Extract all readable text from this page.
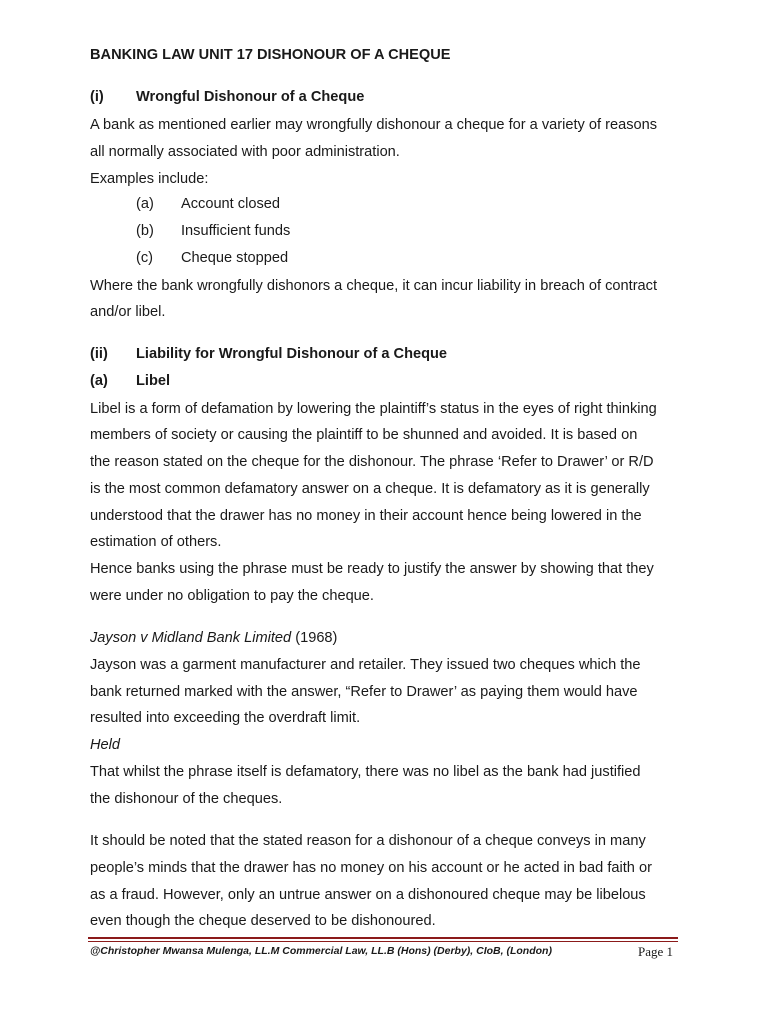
BANKING LAW UNIT 17 DISHONOUR OF A CHEQUE
(i) Wrongful Dishonour of a Cheque
A bank as mentioned earlier may wrongfully dishonour a cheque for a variety of reasons
all normally associated with poor administration.
Examples include:
(a) Account closed
(b) Insufficient funds
(c) Cheque stopped
Where the bank wrongfully dishonors a cheque, it can incur liability in breach of contract
and/or libel.
(ii) Liability for Wrongful Dishonour of a Cheque
(a) Libel
Libel is a form of defamation by lowering the plaintiff’s status in the eyes of right thinking
members of society or causing the plaintiff to be shunned and avoided. It is based on
the reason stated on the cheque for the dishonour. The phrase ‘Refer to Drawer’ or R/D
is the most common defamatory answer on a cheque. It is defamatory as it is generally
understood that the drawer has no money in their account hence being lowered in the
estimation of others.
Hence banks using the phrase must be ready to justify the answer by showing that they
were under no obligation to pay the cheque.
Jayson v Midland Bank Limited (1968)
Jayson was a garment manufacturer and retailer. They issued two cheques which the
bank returned marked with the answer, “Refer to Drawer’ as paying them would have
resulted into exceeding the overdraft limit.
Held
That whilst the phrase itself is defamatory, there was no libel as the bank had justified
the dishonour of the cheques.
It should be noted that the stated reason for a dishonour of a cheque conveys in many
people’s minds that the drawer has no money on his account or he acted in bad faith or
as a fraud. However, only an untrue answer on a dishonoured cheque may be libelous
even though the cheque deserved to be dishonoured.
@Christopher Mwansa Mulenga, LL.M Commercial Law, LL.B (Hons) (Derby), CIoB, (London)	Page 1
